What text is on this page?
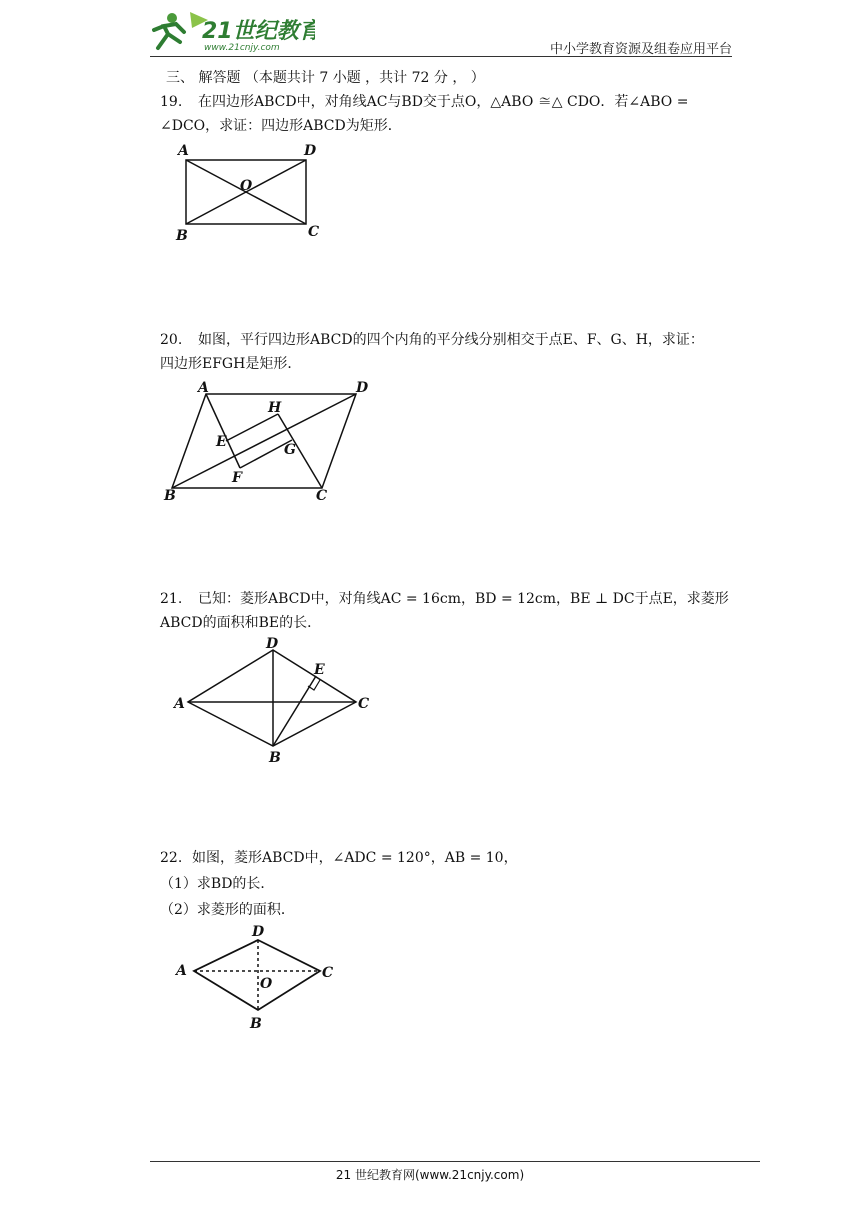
21世纪教育
www.21cnjy.com	中小学教育资源及组卷应用平台
三、 解答题 （本题共计 7 小题 ，共计 72 分 ， ）
19. 在四边形ABCD中，对角线AC与BD交于点O，△ABO ≅△ CDO．若∠ABO =
∠DCO，求证：四边形ABCD为矩形．
A	D
O
B	C
20. 如图，平行四边形ABCD的四个内角的平分线分别相交于点E、F、G、H，求证：
四边形EFGH是矩形．
A	D
H
E	G
F
B	C
21. 已知：菱形ABCD中，对角线AC = 16cm，BD = 12cm，BE ⊥ DC于点E，求菱形
ABCD的面积和BE的长．
D
E
A	C
B
22. 如图，菱形ABCD中，∠ADC = 120°，AB = 10，
（1）求BD的长．
（2）求菱形的面积．
D
A
O
C
B
21 世纪教育网(www.21cnjy.com)
